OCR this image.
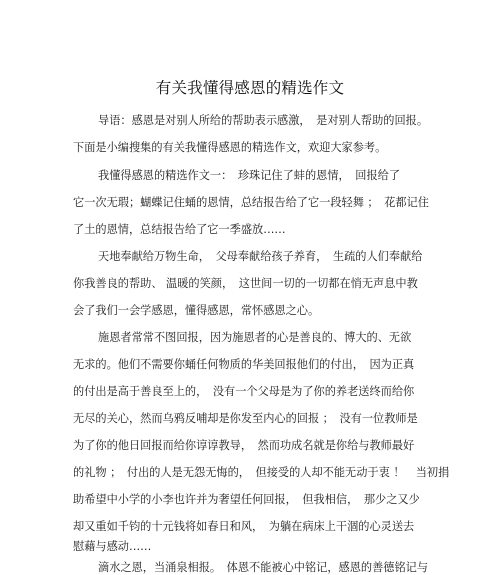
有关我懂得感恩的精选作文
导语：感恩是对别人所给的帮助表示感激，　是对别人帮助的回报。
下面是小编搜集的有关我懂得感恩的精选作文，欢迎大家参考。
我懂得感恩的精选作文一：　珍珠记住了蚌的恩情，　回报给了
它一次无瑕；蝴蝶记住蛹的恩情，总结报告给了它一段轻舞 ；　花都记住
了土的恩情，总结报告给了它一季盛放……
天地奉献给万物生命，　父母奉献给孩子养育，　生疏的人们奉献给
你我善良的帮助、 温暖的笑颜，　这世间一切的一切都在悄无声息中教
会了我们一会学感恩，懂得感恩，常怀感恩之心。
施恩者常常不图回报，因为施恩者的心是善良的、博大的、无欲
无求的。他们不需要你蛹任何物质的华美回报他们的付出，　因为正真
的付出是高于善良至上的，　没有一个父母是为了你的养老送终而给你
无尽的关心，然而乌鸦反哺却是你发至内心的回报 ；　没有一位教师是
为了你的他日回报而给你谆谆教导，　然而功成名就是你给与教师最好
的礼物 ；　付出的人是无怨无悔的，　但接受的人却不能无动于衷 ！　当初捐
助希望中小学的小李也许并为奢望任何回报，　但我相信，　那少之又少
却又重如千钧的十元钱将如春日和风，　为躺在病床上干涸的心灵送去
慰藉与感动……
滴水之恩，当涌泉相报。　体恩不能被心中铭记，感恩的善德铭记与
